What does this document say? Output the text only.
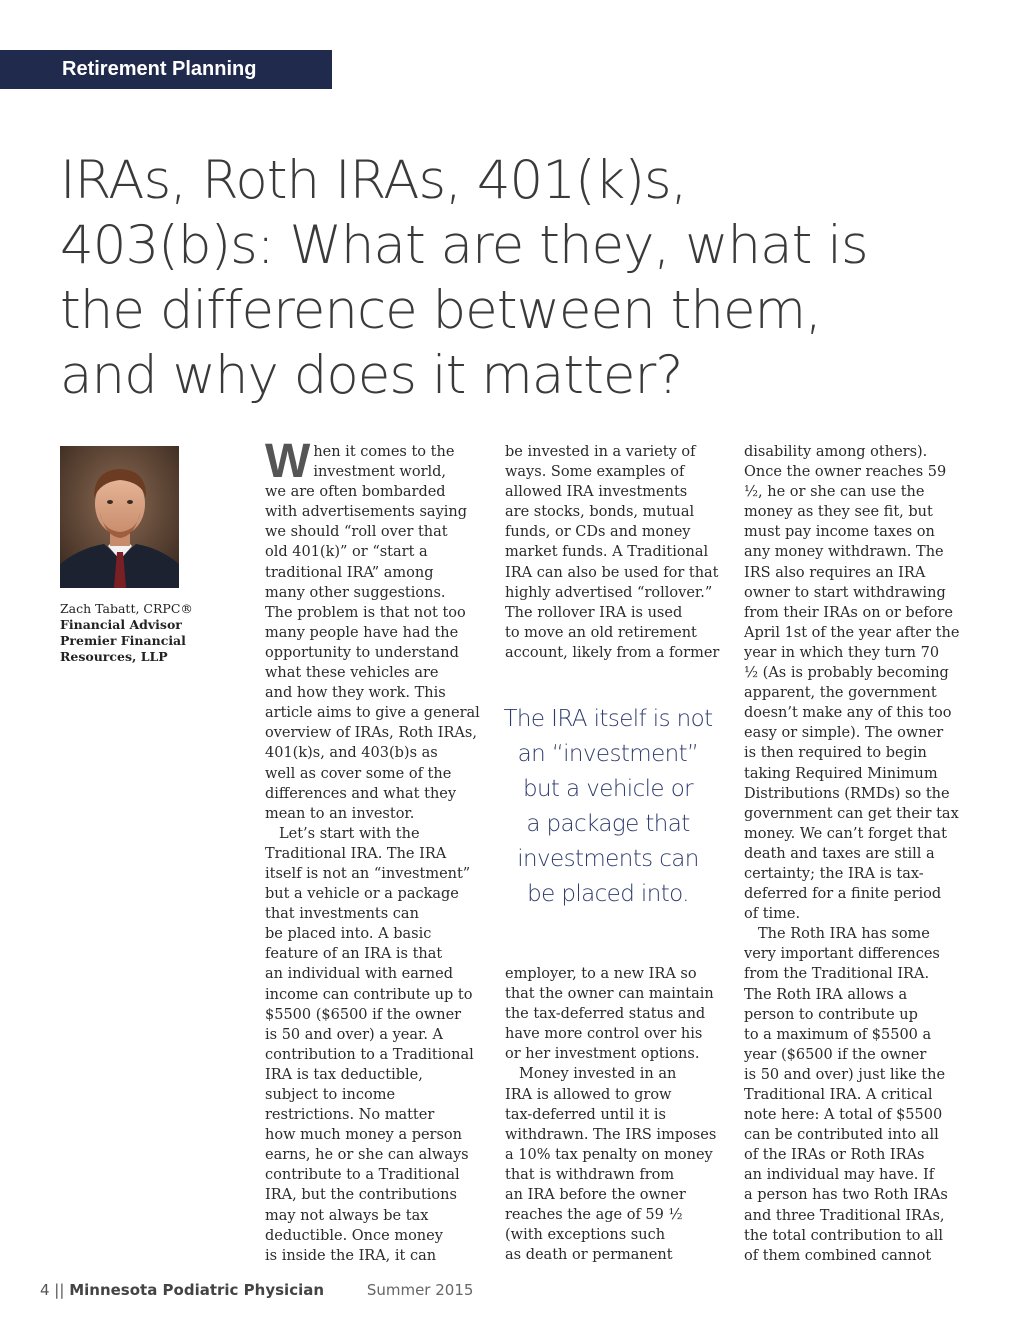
Retirement Planning
IRAs, Roth IRAs, 401(k)s,
403(b)s: What are they, what is
the difference between them,
and why does it matter?
Zach Tabatt, CRPC®
Financial Advisor
Premier Financial
Resources, LLP
W hen it comes to the
investment world,
we are often bombarded
with advertisements saying
we should “roll over that
old 401(k)” or “start a
traditional IRA” among
many other suggestions.
The problem is that not too
many people have had the
opportunity to understand
what these vehicles are
and how they work. This
article aims to give a general
overview of IRAs, Roth IRAs,
401(k)s, and 403(b)s as
well as cover some of the
differences and what they
mean to an investor.
Let’s start with the
Traditional IRA. The IRA
itself is not an “investment”
but a vehicle or a package
that investments can
be placed into. A basic
feature of an IRA is that
an individual with earned
income can contribute up to
$5500 ($6500 if the owner
is 50 and over) a year. A
contribution to a Traditional
IRA is tax deductible,
subject to income
restrictions. No matter
how much money a person
earns, he or she can always
contribute to a Traditional
IRA, but the contributions
may not always be tax
deductible. Once money
is inside the IRA, it can
be invested in a variety of
ways. Some examples of
allowed IRA investments
are stocks, bonds, mutual
funds, or CDs and money
market funds. A Traditional
IRA can also be used for that
highly advertised “rollover.”
The rollover IRA is used
to move an old retirement
account, likely from a former
The IRA itself is not
an “investment”
but a vehicle or
a package that
investments can
be placed into.
employer, to a new IRA so
that the owner can maintain
the tax-deferred status and
have more control over his
or her investment options.
Money invested in an
IRA is allowed to grow
tax-deferred until it is
withdrawn. The IRS imposes
a 10% tax penalty on money
that is withdrawn from
an IRA before the owner
reaches the age of 59 ½
(with exceptions such
as death or permanent
disability among others).
Once the owner reaches 59
½, he or she can use the
money as they see fit, but
must pay income taxes on
any money withdrawn. The
IRS also requires an IRA
owner to start withdrawing
from their IRAs on or before
April 1st of the year after the
year in which they turn 70
½ (As is probably becoming
apparent, the government
doesn’t make any of this too
easy or simple). The owner
is then required to begin
taking Required Minimum
Distributions (RMDs) so the
government can get their tax
money. We can’t forget that
death and taxes are still a
certainty; the IRA is tax-
deferred for a finite period
of time.
The Roth IRA has some
very important differences
from the Traditional IRA.
The Roth IRA allows a
person to contribute up
to a maximum of $5500 a
year ($6500 if the owner
is 50 and over) just like the
Traditional IRA. A critical
note here: A total of $5500
can be contributed into all
of the IRAs or Roth IRAs
an individual may have. If
a person has two Roth IRAs
and three Traditional IRAs,
the total contribution to all
of them combined cannot
4 || Minnesota Podiatric Physician	Summer 2015
